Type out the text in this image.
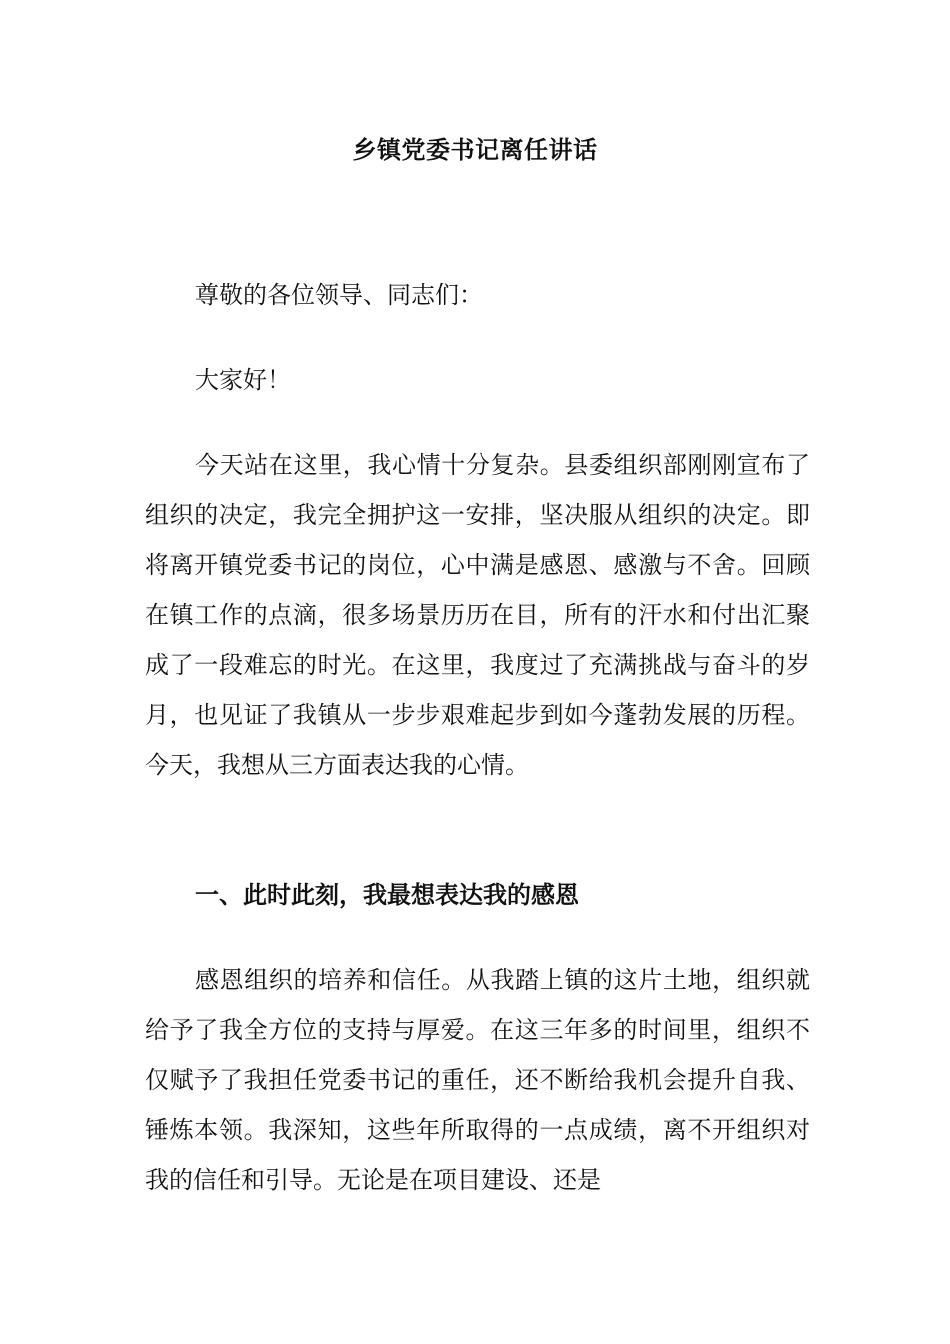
乡镇党委书记离任讲话

尊敬的各位领导、同志们：

大家好！

今天站在这里，我心情十分复杂。县委组织部刚刚宣布了组织的决定，我完全拥护这一安排，坚决服从组织的决定。即将离开镇党委书记的岗位，心中满是感恩、感激与不舍。回顾在镇工作的点滴，很多场景历历在目，所有的汗水和付出汇聚成了一段难忘的时光。在这里，我度过了充满挑战与奋斗的岁月，也见证了我镇从一步步艰难起步到如今蓬勃发展的历程。今天，我想从三方面表达我的心情。

一、此时此刻，我最想表达我的感恩

感恩组织的培养和信任。从我踏上镇的这片土地，组织就给予了我全方位的支持与厚爱。在这三年多的时间里，组织不仅赋予了我担任党委书记的重任，还不断给我机会提升自我、锤炼本领。我深知，这些年所取得的一点成绩，离不开组织对我的信任和引导。无论是在项目建设、还是
